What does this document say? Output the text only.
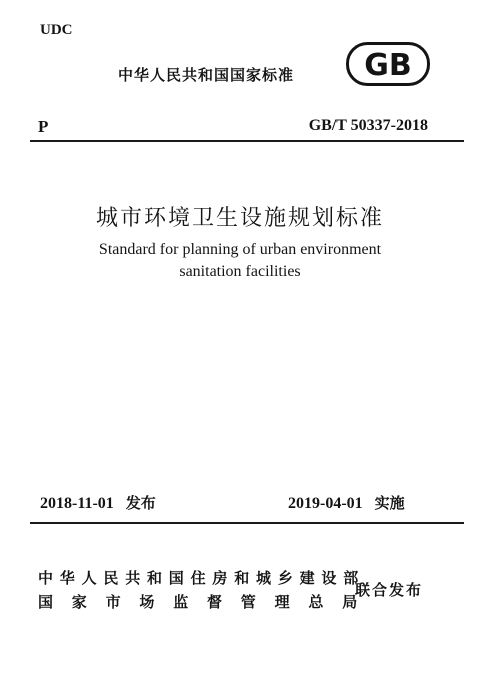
UDC
中华人民共和国国家标准 GB
P	GB/T 50337-2018
城市环境卫生设施规划标准
Standard for planning of urban environment
sanitation facilities
2018-11-01 发布	2019-04-01 实施
中华人民共和国住房和城乡建设部
国家市场监督管理总局
联合发布
